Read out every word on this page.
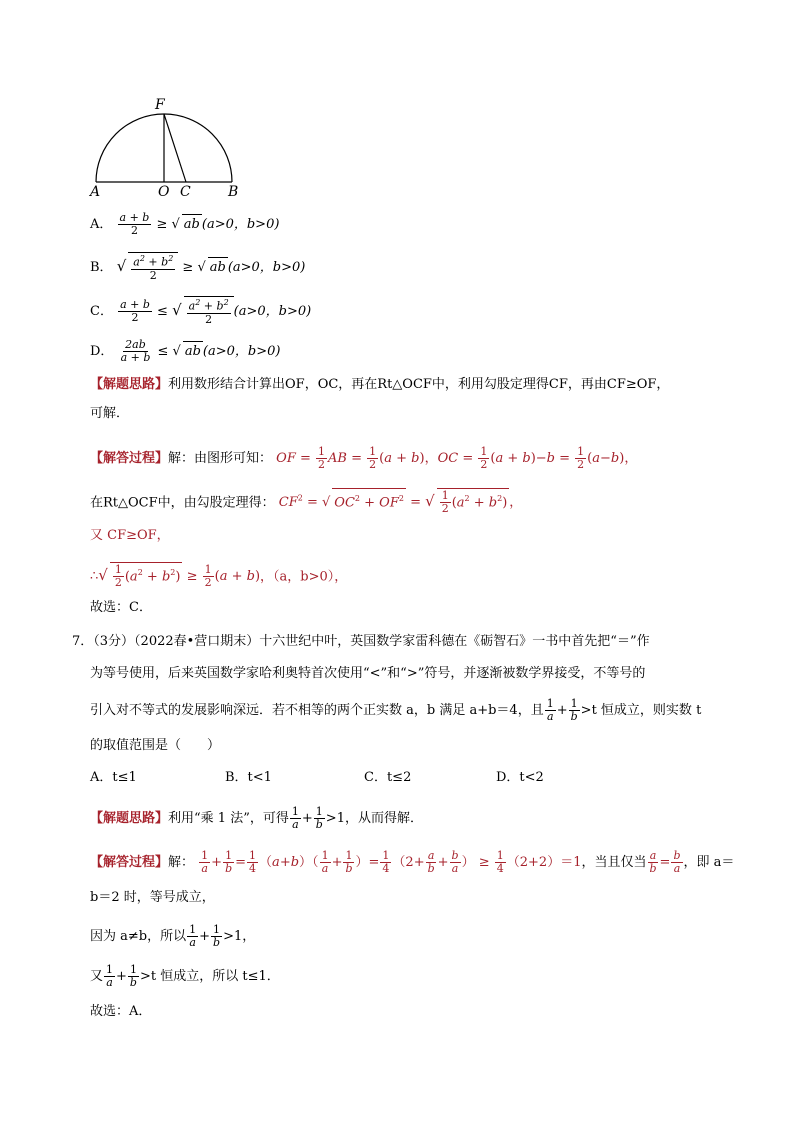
F
A	O C	B
A． $\frac{a + b}{2}$ ≥ √ ab (a>0，b>0)
B． √ $\frac{a^2 + b^2}{2}$ ≥ √ ab (a>0，b>0)
C． $\frac{a + b}{2}$ ≤ √ $\frac{a^2 + b^2}{2} (a>0$，b>0)
D． $\frac{2ab}{a + b}$ ≤ √ ab (a>0，b>0)
【解题思路】利用数形结合计算出OF，OC，再在Rt△OCF中，利用勾股定理得CF，再由CF≥OF，
可解．
【解答过程】解：由图形可知： OF = $\frac{1}{2}$ AB = $\frac{1}{2} (a + b)$，OC = $\frac{1}{2} (a + b)-b = \frac{1}{2} (a-b)$，
在Rt△OCF中，由勾股定理得： $CF^2$ = √ $OC^2 + OF^2$ = √ $\frac{1}{2} (a^2 + b^2)$ ，
又 CF≥OF，
∴√ $\frac{1}{2} (a^2 + b^2) \ge \frac{1}{2} (a + b)$，（a，b>0），
故选：C．
7．（3分）（2022春•营口期末）十六世纪中叶，英国数学家雷科德在《砺智石》一书中首先把“＝”作
为等号使用，后来英国数学家哈利奥特首次使用“<”和“>”符号，并逐渐被数学界接受，不等号的
引入对不等式的发展影响深远．若不相等的两个正实数 a，b 满足 a+b＝4，且 $\frac{1}{a} + \frac{1}{b} >t$ 恒成立，则实数 t
的取值范围是（　　）
A．t≤1	B．t<1	C．t≤2	D．t<2
【解题思路】利用“乘 1 法”，可得 $\frac{1}{a} + \frac{1}{b} >1$，从而得解．
【解答过程】解： $\frac{1}{a} + \frac{1}{b} = \frac{1}{4} (a+b)( \frac{1}{a} + \frac{1}{b}$ ）= $\frac{1}{4} (2+ \frac{a}{b} + \frac{b}{a}$ ） ≥ $\frac{1}{4} (2+2)=1$，当且仅当 $\frac{a}{b} = \frac{b}{a}$ ，即 a＝
b＝2 时，等号成立，
因为 a≠b，所以 $\frac{1}{a} + \frac{1}{b} >1$，
又 $\frac{1}{a} + \frac{1}{b} >t$ 恒成立，所以 t≤1．
故选：A．
